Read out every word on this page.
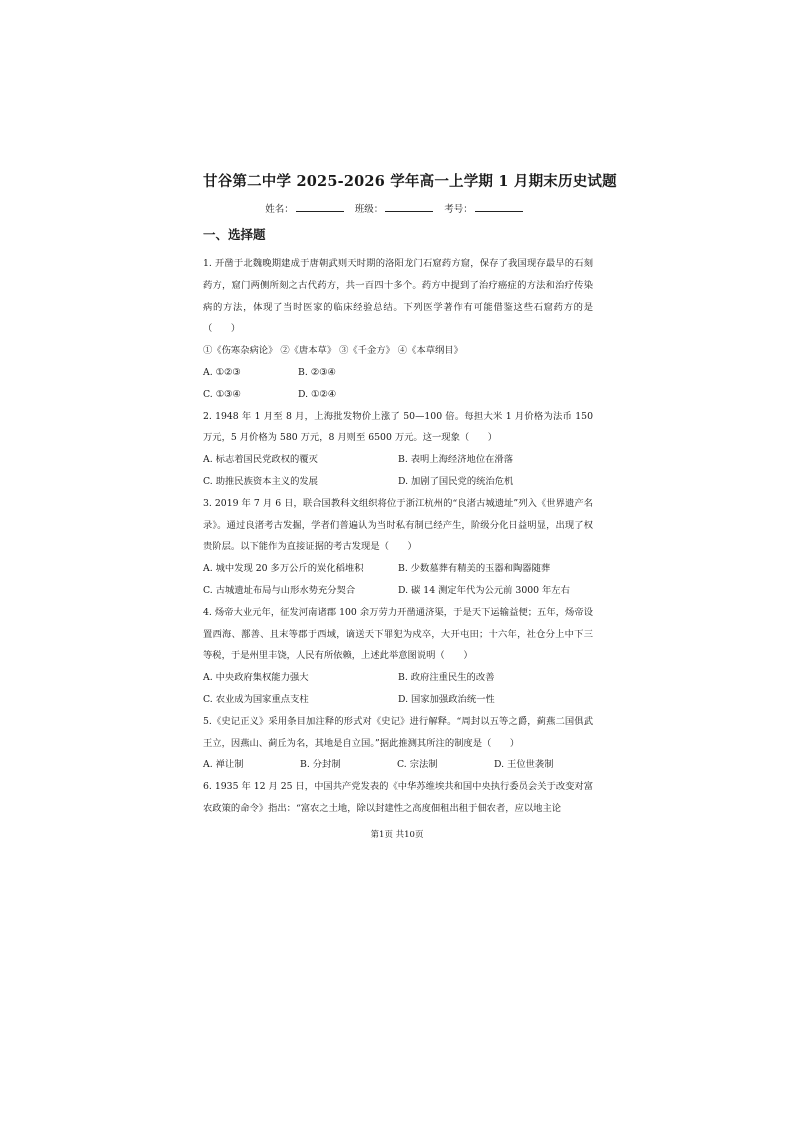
甘谷第二中学 2025-2026 学年高一上学期 1 月期末历史试题
姓名：	班级：	考号：
一、选择题

1. 开凿于北魏晚期建成于唐朝武则天时期的洛阳龙门石窟药方窟，保存了我国现存最早的石刻药方，窟门两侧所刻之古代药方，共一百四十多个。药方中提到了治疗癌症的方法和治疗传染病的方法，体现了当时医家的临床经验总结。下列医学著作有可能借鉴这些石窟药方的是（　　）

①《伤寒杂病论》 ②《唐本草》 ③《千金方》 ④《本草纲目》

A. ①②③	B. ②③④
C. ①③④	D. ①②④

2. 1948 年 1 月至 8 月，上海批发物价上涨了 50—100 倍。每担大米 1 月价格为法币 150 万元，5 月价格为 580 万元，8 月则至 6500 万元。这一现象（　　）

A. 标志着国民党政权的覆灭	B. 表明上海经济地位在滑落
C. 助推民族资本主义的发展	D. 加剧了国民党的统治危机

3. 2019 年 7 月 6 日，联合国教科文组织将位于浙江杭州的“良渚古城遗址”列入《世界遗产名录》。通过良渚考古发掘，学者们普遍认为当时私有制已经产生，阶级分化日益明显，出现了权贵阶层。以下能作为直接证据的考古发现是（　　）

A. 城中发现 20 多万公斤的炭化稻堆积	B. 少数墓葬有精美的玉器和陶器随葬
C. 古城遗址布局与山形水势充分契合	D. 碳 14 测定年代为公元前 3000 年左右

4. 炀帝大业元年，征发河南诸郡 100 余万劳力开凿通济渠，于是天下运输益便；五年，炀帝设置西海、鄯善、且末等郡于西域，谪送天下罪犯为戍卒，大开屯田；十六年，社仓分上中下三等税，于是州里丰饶，人民有所依赖，上述此举意图说明（　　）

A. 中央政府集权能力强大	B. 政府注重民生的改善
C. 农业成为国家重点支柱	D. 国家加强政治统一性

5.《史记正义》采用条目加注释的形式对《史记》进行解释。“周封以五等之爵，蓟燕二国俱武王立，因燕山、蓟丘为名，其地是自立国。”据此推测其所注的制度是（　　）

A. 禅让制	B. 分封制	C. 宗法制	D. 王位世袭制

6. 1935 年 12 月 25 日，中国共产党发表的《中华苏维埃共和国中央执行委员会关于改变对富农政策的命令》指出：“富农之土地，除以封建性之高度佃租出租于佃农者，应以地主论

第1页 共10页
